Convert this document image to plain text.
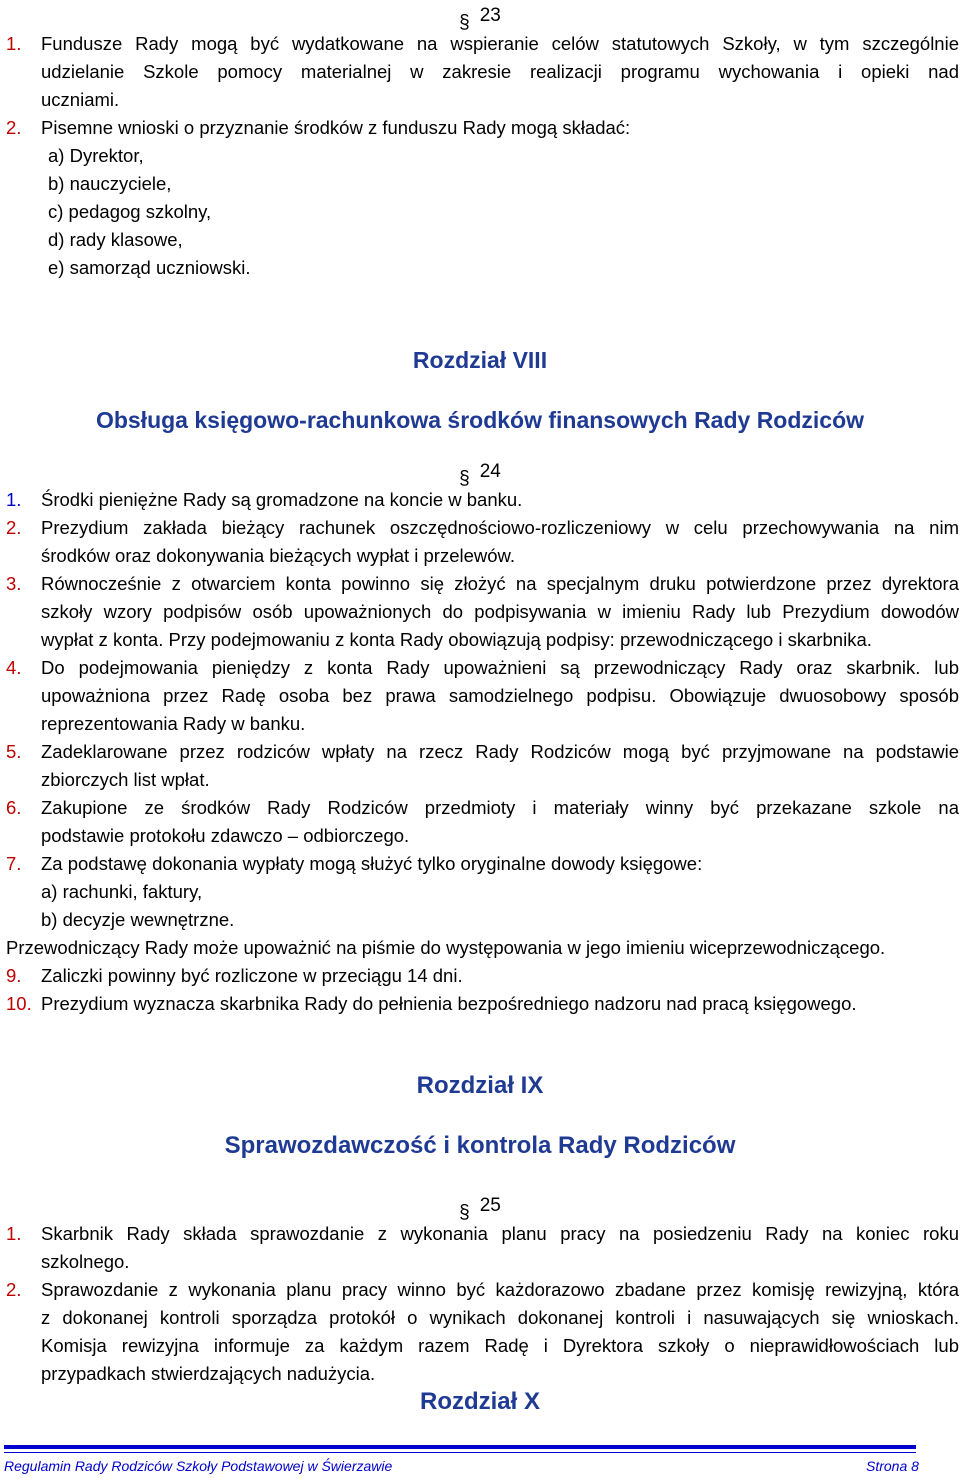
§ 23
1. Fundusze Rady mogą być wydatkowane na wspieranie celów statutowych Szkoły, w tym szczególnie
udzielanie Szkole pomocy materialnej w zakresie realizacji programu wychowania i opieki nad
uczniami.
2. Pisemne wnioski o przyznanie środków z funduszu Rady mogą składać:
a) Dyrektor,
b) nauczyciele,
c) pedagog szkolny,
d) rady klasowe,
e) samorząd uczniowski.
Rozdział VIII
Obsługa księgowo-rachunkowa środków finansowych Rady Rodziców
§ 24
1. Środki pieniężne Rady są gromadzone na koncie w banku.
2. Prezydium zakłada bieżący rachunek oszczędnościowo-rozliczeniowy w celu przechowywania na nim
środków oraz dokonywania bieżących wypłat i przelewów.
3. Równocześnie z otwarciem konta powinno się złożyć na specjalnym druku potwierdzone przez dyrektora
szkoły wzory podpisów osób upoważnionych do podpisywania w imieniu Rady lub Prezydium dowodów
wypłat z konta. Przy podejmowaniu z konta Rady obowiązują podpisy: przewodniczącego i skarbnika.
4. Do podejmowania pieniędzy z konta Rady upoważnieni są przewodniczący Rady oraz skarbnik. lub
upoważniona przez Radę osoba bez prawa samodzielnego podpisu. Obowiązuje dwuosobowy sposób
reprezentowania Rady w banku.
5. Zadeklarowane przez rodziców wpłaty na rzecz Rady Rodziców mogą być przyjmowane na podstawie
zbiorczych list wpłat.
6. Zakupione ze środków Rady Rodziców przedmioty i materiały winny być przekazane szkole na
podstawie protokołu zdawczo – odbiorczego.
7. Za podstawę dokonania wypłaty mogą służyć tylko oryginalne dowody księgowe:
a) rachunki, faktury,
b) decyzje wewnętrzne.
Przewodniczący Rady może upoważnić na piśmie do występowania w jego imieniu wiceprzewodniczącego.
9. Zaliczki powinny być rozliczone w przeciągu 14 dni.
10. Prezydium wyznacza skarbnika Rady do pełnienia bezpośredniego nadzoru nad pracą księgowego.
Rozdział IX
Sprawozdawczość i kontrola Rady Rodziców
§ 25
1. Skarbnik Rady składa sprawozdanie z wykonania planu pracy na posiedzeniu Rady na koniec roku
szkolnego.
2. Sprawozdanie z wykonania planu pracy winno być każdorazowo zbadane przez komisję rewizyjną, która
z dokonanej kontroli sporządza protokół o wynikach dokonanej kontroli i nasuwających się wnioskach.
Komisja rewizyjna informuje za każdym razem Radę i Dyrektora szkoły o nieprawidłowościach lub
przypadkach stwierdzających nadużycia.
Rozdział X
Regulamin Rady Rodziców Szkoły Podstawowej w Świerzawie	Strona 8
